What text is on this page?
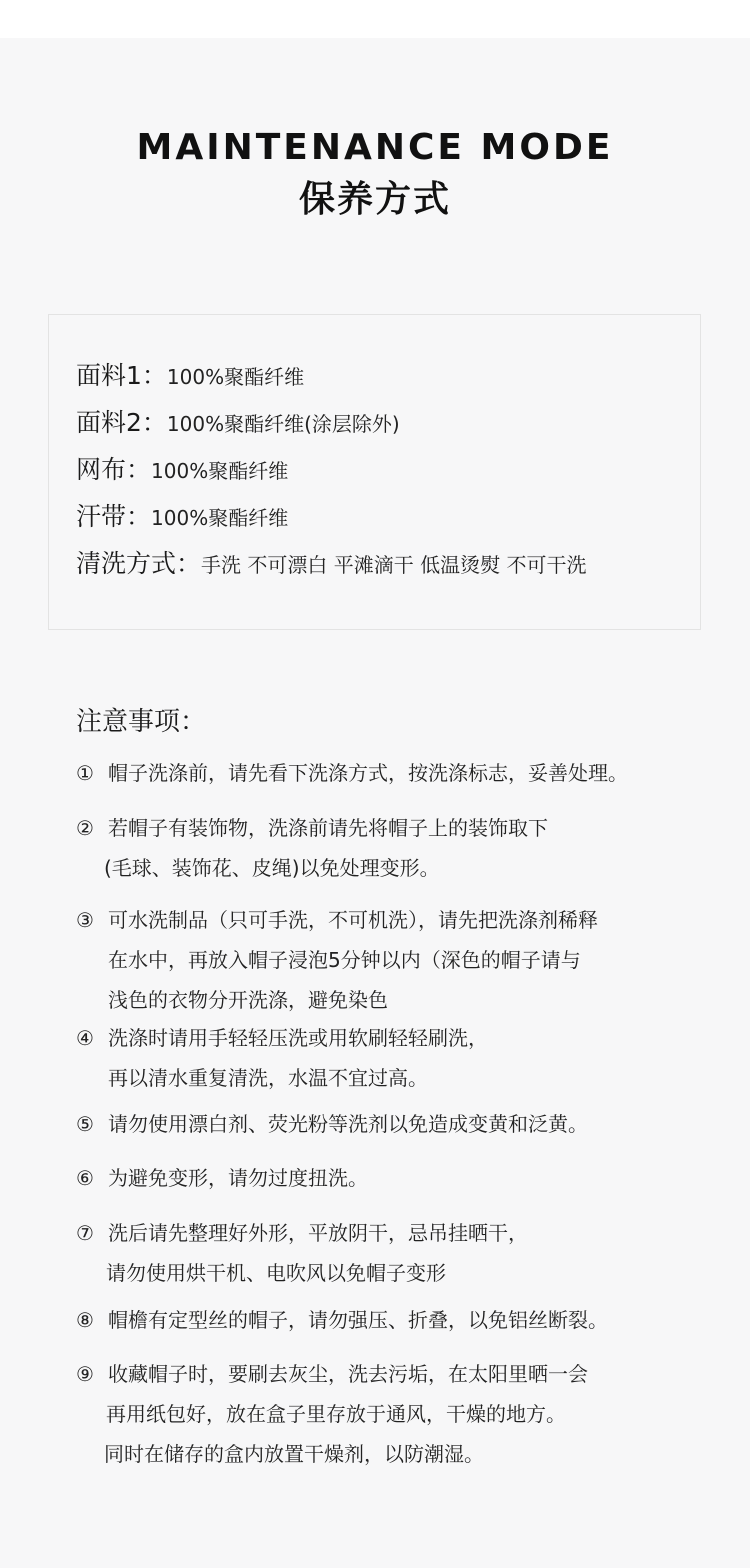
MAINTENANCE MODE
保养方式
面料1：100%聚酯纤维
面料2：100%聚酯纤维(涂层除外)
网布：100%聚酯纤维
汗带：100%聚酯纤维
清洗方式：手洗 不可漂白 平滩滴干 低温烫熨 不可干洗
注意事项：
① 帽子洗涤前，请先看下洗涤方式，按洗涤标志，妥善处理。
② 若帽子有装饰物，洗涤前请先将帽子上的装饰取下
(毛球、装饰花、皮绳)以免处理变形。
③ 可水洗制品（只可手洗，不可机洗），请先把洗涤剂稀释
在水中，再放入帽子浸泡5分钟以内（深色的帽子请与
浅色的衣物分开洗涤，避免染色
④ 洗涤时请用手轻轻压洗或用软刷轻轻刷洗，
再以清水重复清洗，水温不宜过高。
⑤ 请勿使用漂白剂、荧光粉等洗剂以免造成变黄和泛黄。
⑥ 为避免变形，请勿过度扭洗。
⑦ 洗后请先整理好外形，平放阴干，忌吊挂晒干，
请勿使用烘干机、电吹风以免帽子变形
⑧ 帽檐有定型丝的帽子，请勿强压、折叠，以免铝丝断裂。
⑨ 收藏帽子时，要刷去灰尘，洗去污垢，在太阳里晒一会
再用纸包好，放在盒子里存放于通风，干燥的地方。
同时在储存的盒内放置干燥剂，以防潮湿。
